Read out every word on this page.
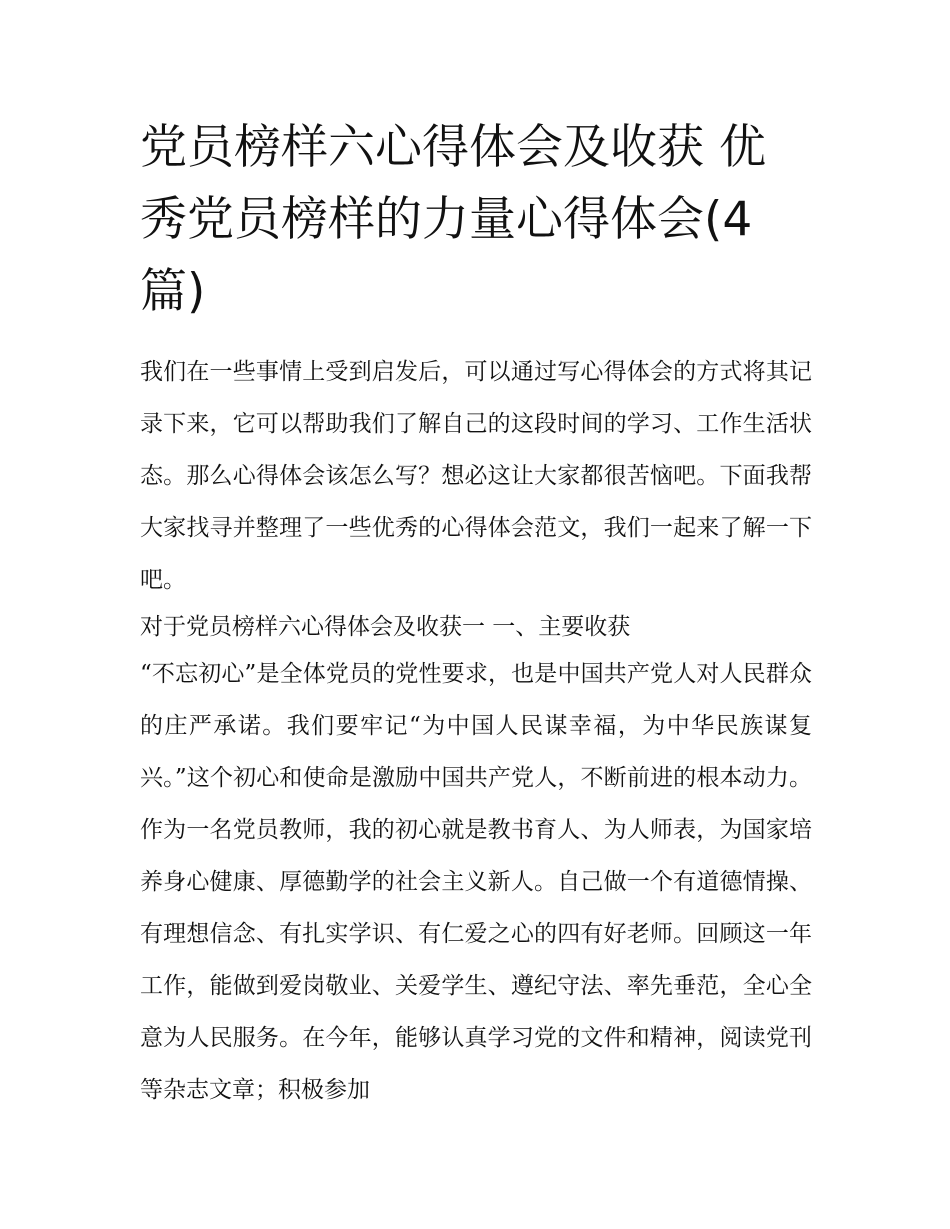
党员榜样六心得体会及收获 优秀党员榜样的力量心得体会(4篇)

我们在一些事情上受到启发后，可以通过写心得体会的方式将其记录下来，它可以帮助我们了解自己的这段时间的学习、工作生活状态。那么心得体会该怎么写？想必这让大家都很苦恼吧。下面我帮大家找寻并整理了一些优秀的心得体会范文，我们一起来了解一下吧。

对于党员榜样六心得体会及收获一 一、主要收获

“不忘初心”是全体党员的党性要求，也是中国共产党人对人民群众的庄严承诺。我们要牢记“为中国人民谋幸福，为中华民族谋复兴。”这个初心和使命是激励中国共产党人，不断前进的根本动力。作为一名党员教师，我的初心就是教书育人、为人师表，为国家培养身心健康、厚德勤学的社会主义新人。自己做一个有道德情操、有理想信念、有扎实学识、有仁爱之心的四有好老师。回顾这一年工作，能做到爱岗敬业、关爱学生、遵纪守法、率先垂范，全心全意为人民服务。在今年，能够认真学习党的文件和精神，阅读党刊等杂志文章；积极参加
